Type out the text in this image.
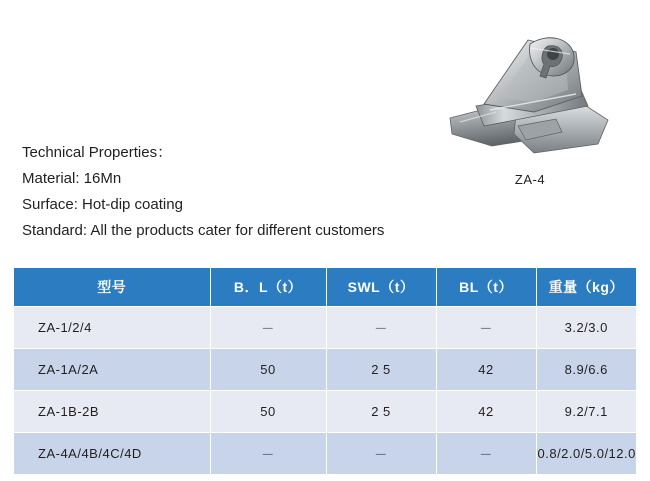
ZA-4
Technical Properties：
Material: 16Mn
Surface: Hot-dip coating
Standard: All the products cater for different customers
型号	B．L（t）	SWL（t）	BL（t）	重量（kg）
ZA-1/2/4	－	－	－	3.2/3.0
ZA-1A/2A	50	2 5	42	8.9/6.6
ZA-1B-2B	50	2 5	42	9.2/7.1
ZA-4A/4B/4C/4D	－	－	－	0.8/2.0/5.0/12.0
